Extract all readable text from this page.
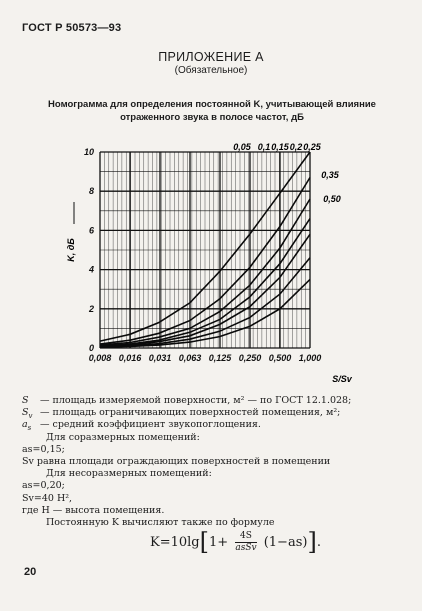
ГОСТ Р 50573—93
ПРИЛОЖЕНИЕ А
(Обязательное)
Номограмма для определения постоянной K, учитывающей влияние отраженного звука в полосе частот, дБ
0,008 0,016 0,031 0,063 0,125 0,250 0,500 1,000
0
2
4
6
8
10
K, дБ
S/Sv
0,05 0,1 0,15 0,2 0,25
0,35
0,50
S — площадь измеряемой поверхности, м² — по ГОСТ 12.1.028;
$S_v$ — площадь ограничивающих поверхностей помещения, м²;
$a_s$ — средний коэффициент звукопоглощения.
Для соразмерных помещений:
as=0,15;
Sv равна площади ограждающих поверхностей в помещении
Для несоразмерных помещений:
as=0,20;
Sv=40 H²,
где H — высота помещения.
Постоянную K вычисляют также по формуле
K=10lg[1+	4S
asSv (1−as)].
20
